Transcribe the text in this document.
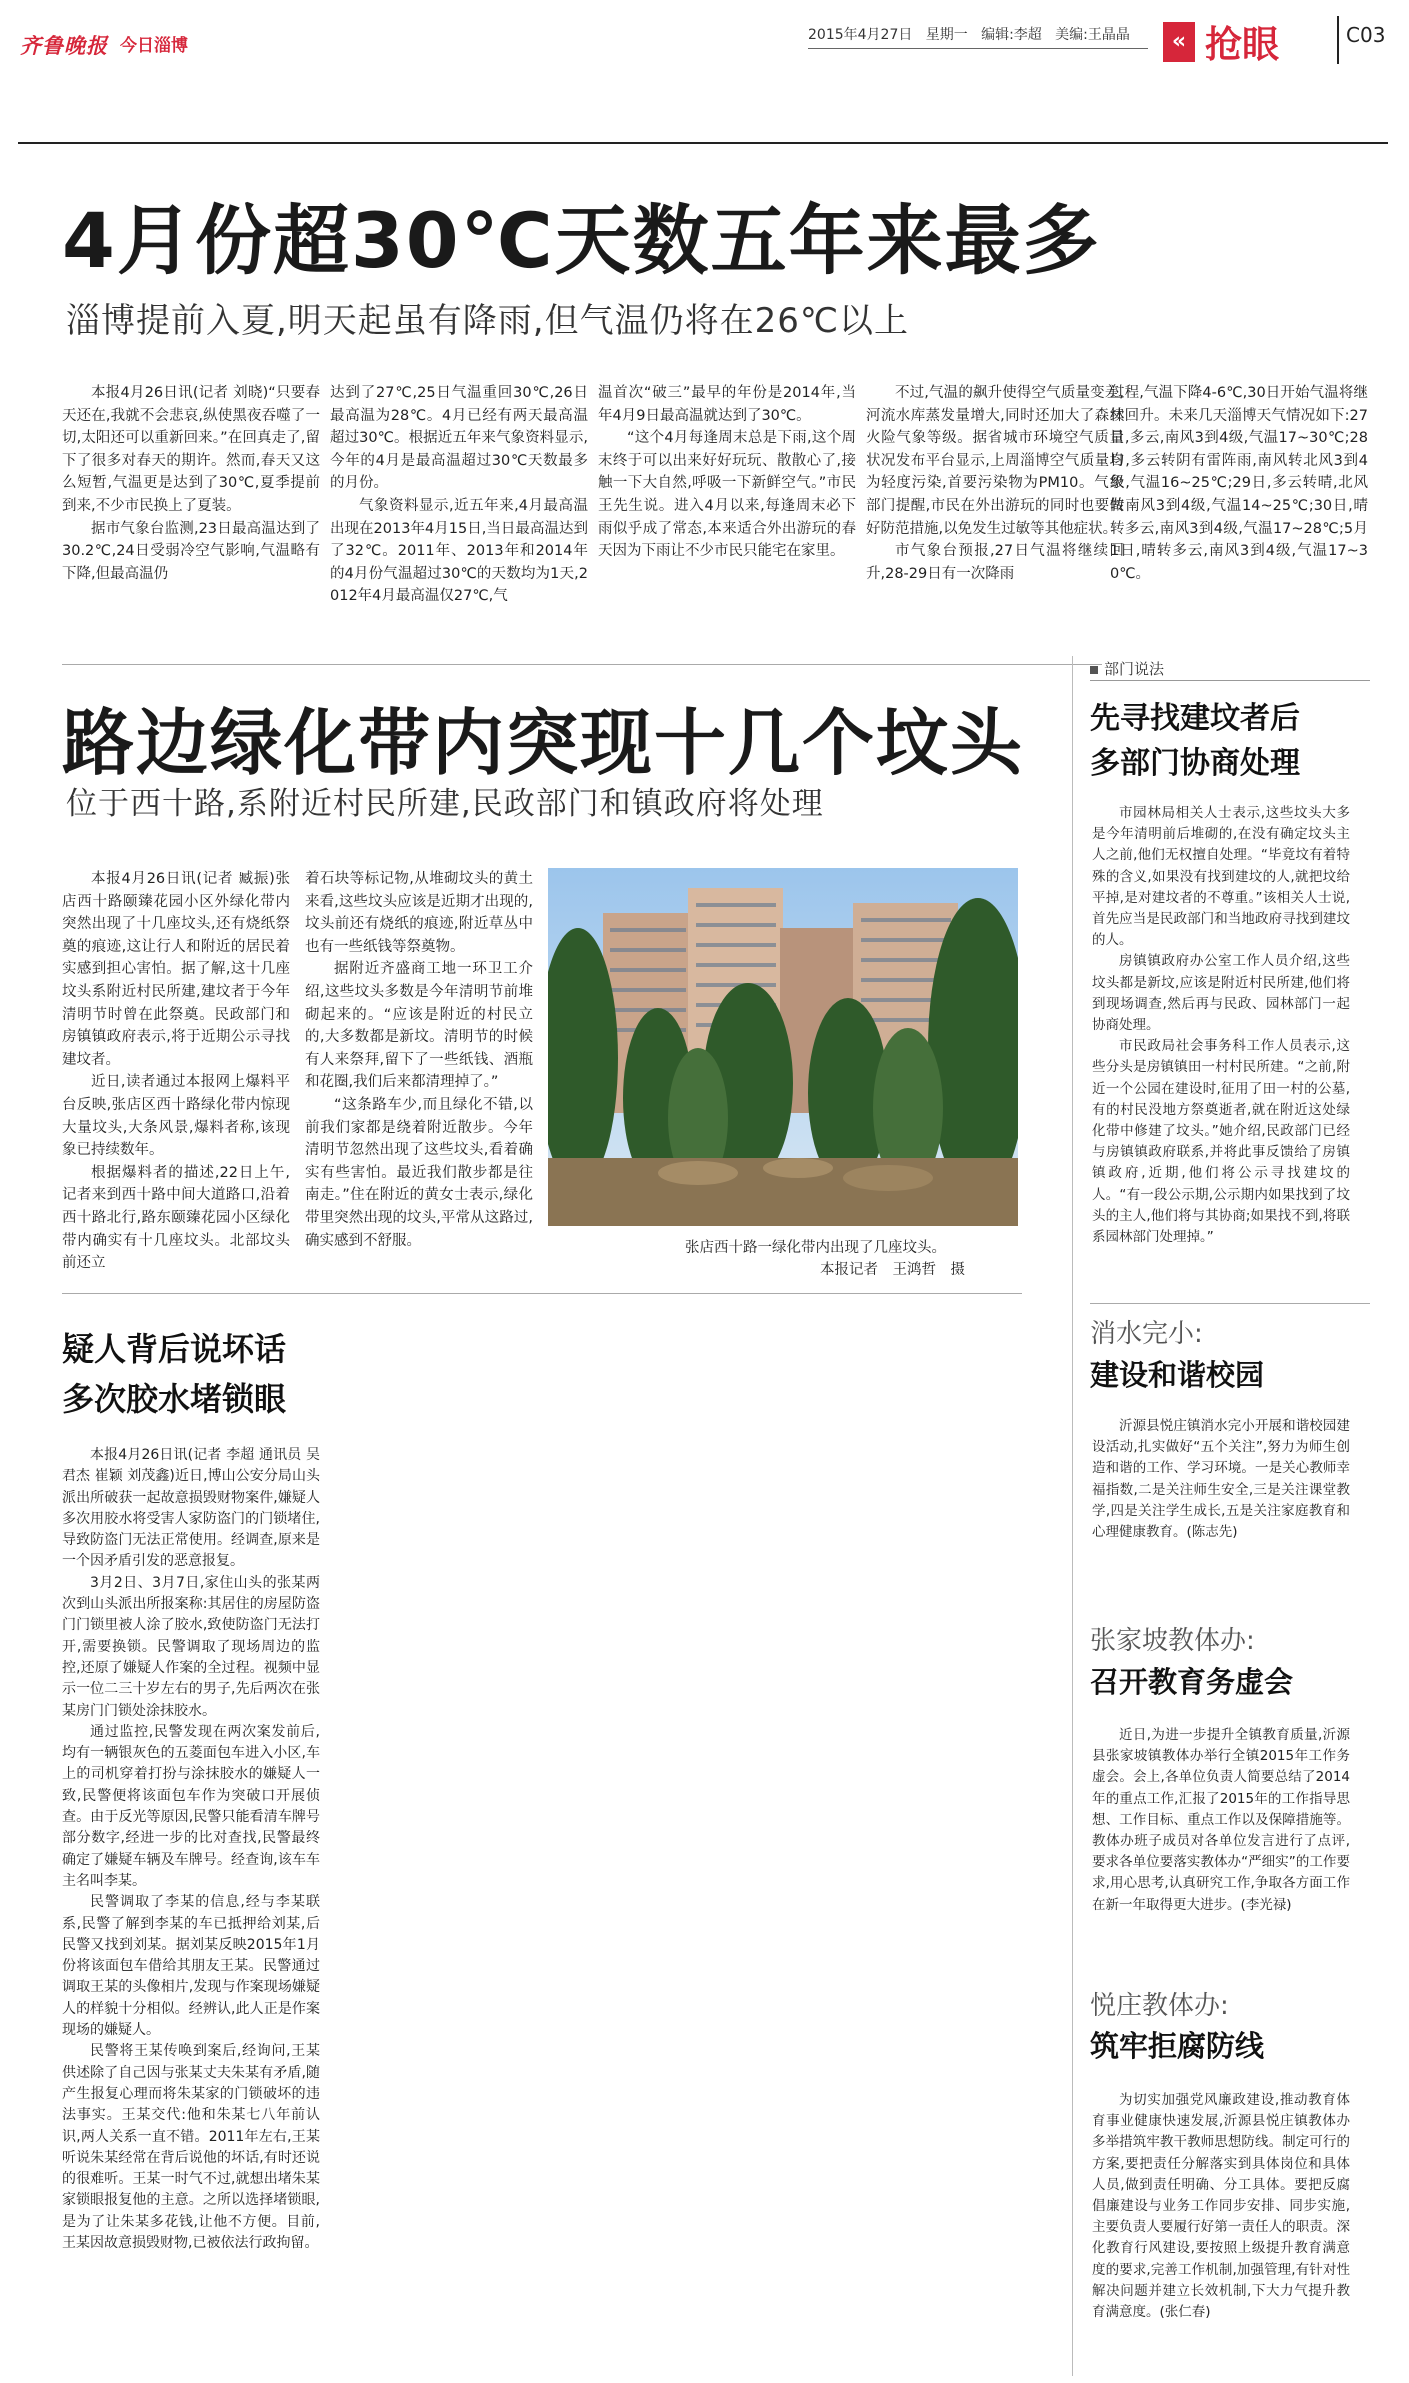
齐鲁晚报 今日淄博
2015年4月27日 星期一 编辑:李超 美编:王晶晶	« 抢眼	C03
4月份超30℃天数五年来最多
淄博提前入夏,明天起虽有降雨,但气温仍将在26℃以上

本报4月26日讯(记者 刘晓)“只要春天还在,我就不会悲哀,纵使黑夜吞噬了一切,太阳还可以重新回来。”在回真走了,留下了很多对春天的期许。然而,春天又这么短暂,气温更是达到了30℃,夏季提前到来,不少市民换上了夏装。

据市气象台监测,23日最高温达到了30.2℃,24日受弱冷空气影响,气温略有下降,但最高温仍

达到了27℃,25日气温重回30℃,26日最高温为28℃。4月已经有两天最高温超过30℃。根据近五年来气象资料显示,今年的4月是最高温超过30℃天数最多的月份。

气象资料显示,近五年来,4月最高温出现在2013年4月15日,当日最高温达到了32℃。2011年、2013年和2014年的4月份气温超过30℃的天数均为1天,2012年4月最高温仅27℃,气

温首次“破三”最早的年份是2014年,当年4月9日最高温就达到了30℃。

“这个4月每逢周末总是下雨,这个周末终于可以出来好好玩玩、散散心了,接触一下大自然,呼吸一下新鲜空气。”市民王先生说。进入4月以来,每逢周末必下雨似乎成了常态,本来适合外出游玩的春天因为下雨让不少市民只能宅在家里。

不过,气温的飙升使得空气质量变差,河流水库蒸发量增大,同时还加大了森林火险气象等级。据省城市环境空气质量状况发布平台显示,上周淄博空气质量均为轻度污染,首要污染物为PM10。气象部门提醒,市民在外出游玩的同时也要做好防范措施,以免发生过敏等其他症状。

市气象台预报,27日气温将继续回升,28-29日有一次降雨

过程,气温下降4-6℃,30日开始气温将继续回升。未来几天淄博天气情况如下:27日,多云,南风3到4级,气温17~30℃;28日,多云转阴有雷阵雨,南风转北风3到4级,气温16~25℃;29日,多云转晴,北风转南风3到4级,气温14~25℃;30日,晴转多云,南风3到4级,气温17~28℃;5月1日,晴转多云,南风3到4级,气温17~30℃。

路边绿化带内突现十几个坟头
位于西十路,系附近村民所建,民政部门和镇政府将处理

本报4月26日讯(记者 臧振)张店西十路颐臻花园小区外绿化带内突然出现了十几座坟头,还有烧纸祭奠的痕迹,这让行人和附近的居民着实感到担心害怕。据了解,这十几座坟头系附近村民所建,建坟者于今年清明节时曾在此祭奠。民政部门和房镇镇政府表示,将于近期公示寻找建坟者。

近日,读者通过本报网上爆料平台反映,张店区西十路绿化带内惊现大量坟头,大条风景,爆料者称,该现象已持续数年。

根据爆料者的描述,22日上午,记者来到西十路中间大道路口,沿着西十路北行,路东颐臻花园小区绿化带内确实有十几座坟头。北部坟头前还立

着石块等标记物,从堆砌坟头的黄土来看,这些坟头应该是近期才出现的,坟头前还有烧纸的痕迹,附近草丛中也有一些纸钱等祭奠物。

据附近齐盛商工地一环卫工介绍,这些坟头多数是今年清明节前堆砌起来的。“应该是附近的村民立的,大多数都是新坟。清明节的时候有人来祭拜,留下了一些纸钱、酒瓶和花圈,我们后来都清理掉了。”

“这条路车少,而且绿化不错,以前我们家都是绕着附近散步。今年清明节忽然出现了这些坟头,看着确实有些害怕。最近我们散步都是往南走。”住在附近的黄女士表示,绿化带里突然出现的坟头,平常从这路过,确实感到不舒服。	张店西十路一绿化带内出现了几座坟头。
本报记者　王鸿哲　摄
部门说法
先寻找建坟者后
多部门协商处理

市园林局相关人士表示,这些坟头大多是今年清明前后堆砌的,在没有确定坟头主人之前,他们无权擅自处理。“毕竟坟有着特殊的含义,如果没有找到建坟的人,就把坟给平掉,是对建坟者的不尊重。”该相关人士说,首先应当是民政部门和当地政府寻找到建坟的人。

房镇镇政府办公室工作人员介绍,这些坟头都是新坟,应该是附近村民所建,他们将到现场调查,然后再与民政、园林部门一起协商处理。

市民政局社会事务科工作人员表示,这些分头是房镇镇田一村村民所建。“之前,附近一个公园在建设时,征用了田一村的公墓,有的村民没地方祭奠逝者,就在附近这处绿化带中修建了坟头。”她介绍,民政部门已经与房镇镇政府联系,并将此事反馈给了房镇镇政府,近期,他们将公示寻找建坟的人。“有一段公示期,公示期内如果找到了坟头的主人,他们将与其协商;如果找不到,将联系园林部门处理掉。”

疑人背后说坏话
多次胶水堵锁眼

本报4月26日讯(记者 李超 通讯员 吴君杰 崔颖 刘茂鑫)近日,博山公安分局山头派出所破获一起故意损毁财物案件,嫌疑人多次用胶水将受害人家防盗门的门锁堵住,导致防盗门无法正常使用。经调查,原来是一个因矛盾引发的恶意报复。

3月2日、3月7日,家住山头的张某两次到山头派出所报案称:其居住的房屋防盗门门锁里被人涂了胶水,致使防盗门无法打开,需要换锁。民警调取了现场周边的监控,还原了嫌疑人作案的全过程。视频中显示一位二三十岁左右的男子,先后两次在张某房门门锁处涂抹胶水。

通过监控,民警发现在两次案发前后,均有一辆银灰色的五菱面包车进入小区,车上的司机穿着打扮与涂抹胶水的嫌疑人一致,民警便将该面包车作为突破口开展侦查。由于反光等原因,民警只能看清车牌号部分数字,经进一步的比对查找,民警最终确定了嫌疑车辆及车牌号。经查询,该车车主名叫李某。

民警调取了李某的信息,经与李某联系,民警了解到李某的车已抵押给刘某,后民警又找到刘某。据刘某反映2015年1月份将该面包车借给其朋友王某。民警通过调取王某的头像相片,发现与作案现场嫌疑人的样貌十分相似。经辨认,此人正是作案现场的嫌疑人。

民警将王某传唤到案后,经询问,王某供述除了自己因与张某丈夫朱某有矛盾,随产生报复心理而将朱某家的门锁破坏的违法事实。王某交代:他和朱某七八年前认识,两人关系一直不错。2011年左右,王某听说朱某经常在背后说他的坏话,有时还说的很难听。王某一时气不过,就想出堵朱某家锁眼报复他的主意。之所以选择堵锁眼,是为了让朱某多花钱,让他不方便。目前,王某因故意损毁财物,已被依法行政拘留。

消水完小:
建设和谐校园

沂源县悦庄镇消水完小开展和谐校园建设活动,扎实做好“五个关注”,努力为师生创造和谐的工作、学习环境。一是关心教师幸福指数,二是关注师生安全,三是关注课堂教学,四是关注学生成长,五是关注家庭教育和心理健康教育。(陈志先)

张家坡教体办:
召开教育务虚会

近日,为进一步提升全镇教育质量,沂源县张家坡镇教体办举行全镇2015年工作务虚会。会上,各单位负责人简要总结了2014年的重点工作,汇报了2015年的工作指导思想、工作目标、重点工作以及保障措施等。教体办班子成员对各单位发言进行了点评,要求各单位要落实教体办“严细实”的工作要求,用心思考,认真研究工作,争取各方面工作在新一年取得更大进步。(李光禄)

悦庄教体办:
筑牢拒腐防线

为切实加强党风廉政建设,推动教育体育事业健康快速发展,沂源县悦庄镇教体办多举措筑牢教干教师思想防线。制定可行的方案,要把责任分解落实到具体岗位和具体人员,做到责任明确、分工具体。要把反腐倡廉建设与业务工作同步安排、同步实施,主要负责人要履行好第一责任人的职责。深化教育行风建设,要按照上级提升教育满意度的要求,完善工作机制,加强管理,有针对性解决问题并建立长效机制,下大力气提升教育满意度。(张仁春)
